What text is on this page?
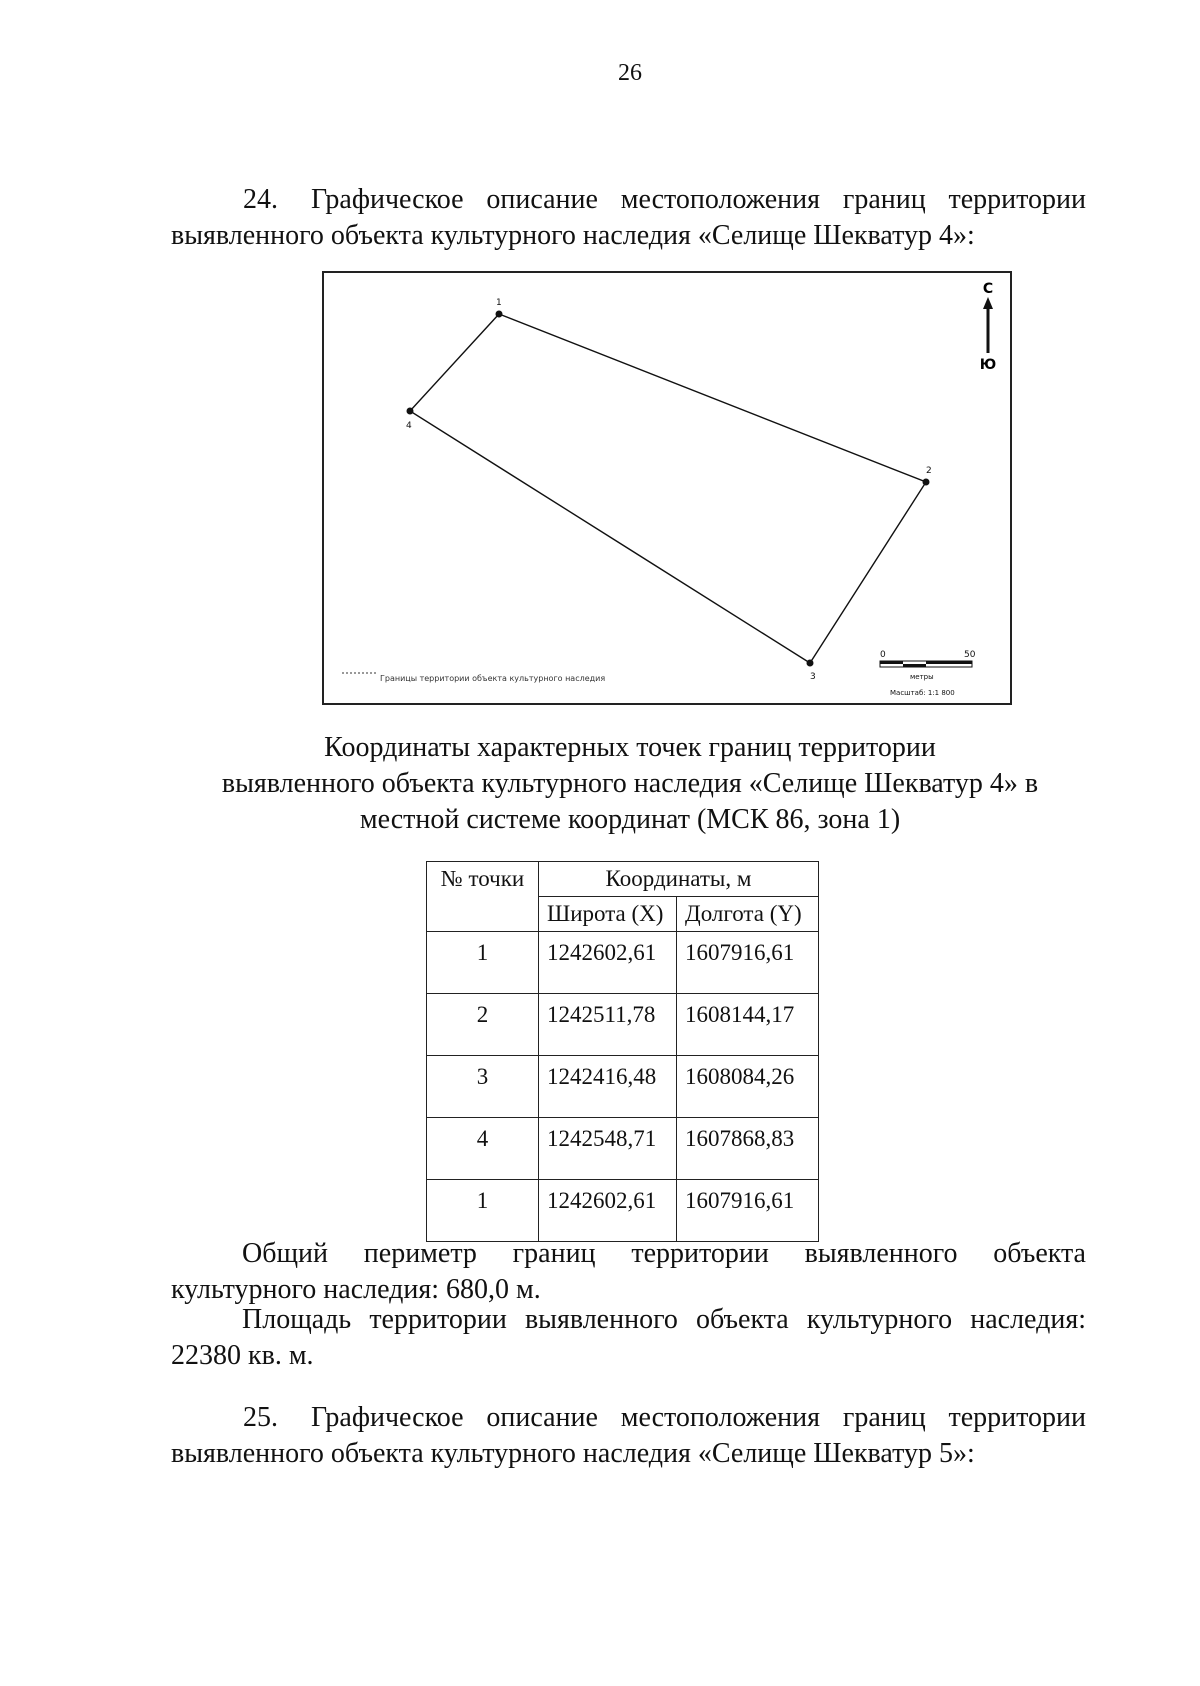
26
24. Графическое описание местоположения границ территории выявленного объекта культурного наследия «Селище Шекватур 4»:
1
2
3
4
С
Ю
Границы территории объекта культурного наследия
0	50
метры
Масштаб: 1:1 800
Координаты характерных точек границ территории
выявленного объекта культурного наследия «Селище Шекватур 4» в
местной системе координат (МСК 86, зона 1)
№ точки	Координаты, м	
	Широта (X)	Долгота (Y)
1	1242602,61	1607916,61
2	1242511,78	1608144,17
3	1242416,48	1608084,26
4	1242548,71	1607868,83
1	1242602,61	1607916,61
Общий периметр границ территории выявленного объекта культурного наследия: 680,0 м.
Площадь территории выявленного объекта культурного наследия: 22380 кв. м.
25. Графическое описание местоположения границ территории выявленного объекта культурного наследия «Селище Шекватур 5»:
